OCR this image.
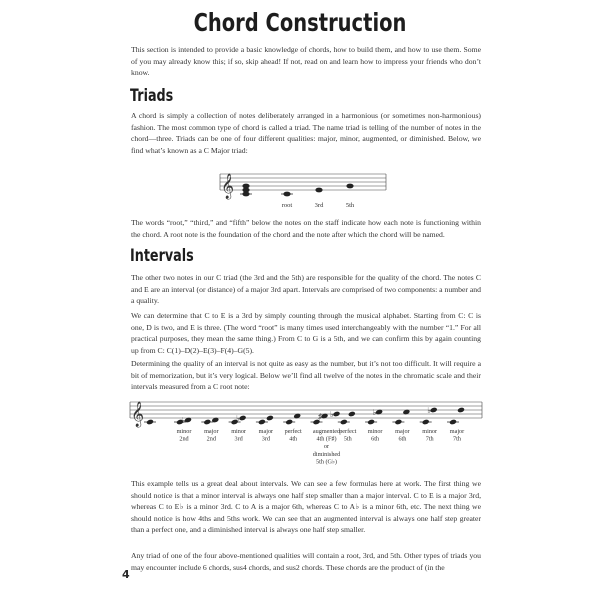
Chord Construction

This section is intended to provide a basic knowledge of chords, how to build them, and how to use them. Some of you may already know this; if so, skip ahead! If not, read on and learn how to impress your friends who don’t know.

Triads

A chord is simply a collection of notes deliberately arranged in a harmonious (or sometimes non-harmonious) fashion. The most common type of chord is called a triad. The name triad is telling of the number of notes in the chord—three. Triads can be one of four different qualities: major, minor, augmented, or diminished. Below, we find what’s known as a C Major triad:

𝄞
root	3rd	5th

The words “root,” “third,” and “fifth” below the notes on the staff indicate how each note is functioning within the chord. A root note is the foundation of the chord and the note after which the chord will be named.

Intervals

The other two notes in our C triad (the 3rd and the 5th) are responsible for the quality of the chord. The notes C and E are an interval (or distance) of a major 3rd apart. Intervals are comprised of two components: a number and a quality.

We can determine that C to E is a 3rd by simply counting through the musical alphabet. Starting from C: C is one, D is two, and E is three. (The word “root” is many times used interchangeably with the number “1.” For all practical purposes, they mean the same thing.) From C to G is a 5th, and we can confirm this by again counting up from C: C(1)–D(2)–E(3)–F(4)–G(5).

Determining the quality of an interval is not quite as easy as the number, but it’s not too difficult. It will require a bit of memorization, but it’s very logical. Below we’ll find all twelve of the notes in the chromatic scale and their intervals measured from a C root note:

𝄞	♭	♭	♯ ♭	♭	♭
minor
2nd
major
2nd
minor
3rd
major
3rd
perfect
4th
augmented
4th (F♯)
or
diminished
5th (G♭)
perfect
5th
minor
6th
major
6th
minor
7th
major
7th

This example tells us a great deal about intervals. We can see a few formulas here at work. The first thing we should notice is that a minor interval is always one half step smaller than a major interval. C to E is a major 3rd, whereas C to E♭ is a minor 3rd. C to A is a major 6th, whereas C to A♭ is a minor 6th, etc. The next thing we should notice is how 4ths and 5ths work. We can see that an augmented interval is always one half step greater than a perfect one, and a diminished interval is always one half step smaller.

Any triad of one of the four above-mentioned qualities will contain a root, 3rd, and 5th. Other types of triads you may encounter include 6 chords, sus4 chords, and sus2 chords. These chords are the product of (in the

4
